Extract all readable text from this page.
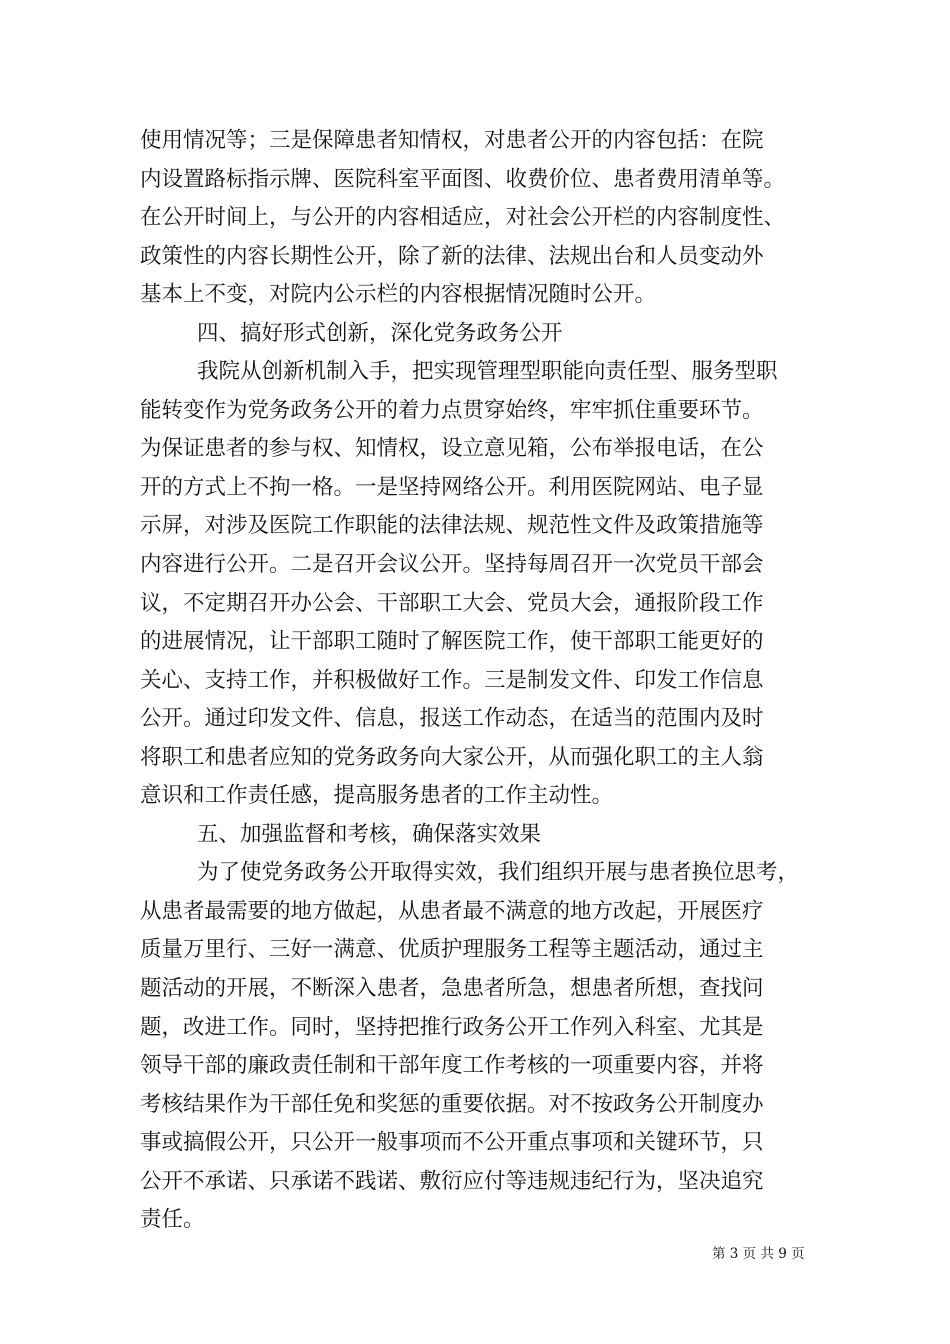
使用情况等；三是保障患者知情权，对患者公开的内容包括：在院
内设置路标指示牌、医院科室平面图、收费价位、患者费用清单等。
在公开时间上，与公开的内容相适应，对社会公开栏的内容制度性、
政策性的内容长期性公开，除了新的法律、法规出台和人员变动外
基本上不变，对院内公示栏的内容根据情况随时公开。
四、搞好形式创新，深化党务政务公开
我院从创新机制入手，把实现管理型职能向责任型、服务型职
能转变作为党务政务公开的着力点贯穿始终，牢牢抓住重要环节。
为保证患者的参与权、知情权，设立意见箱，公布举报电话，在公
开的方式上不拘一格。一是坚持网络公开。利用医院网站、电子显
示屏，对涉及医院工作职能的法律法规、规范性文件及政策措施等
内容进行公开。二是召开会议公开。坚持每周召开一次党员干部会
议，不定期召开办公会、干部职工大会、党员大会，通报阶段工作
的进展情况，让干部职工随时了解医院工作，使干部职工能更好的
关心、支持工作，并积极做好工作。三是制发文件、印发工作信息
公开。通过印发文件、信息，报送工作动态，在适当的范围内及时
将职工和患者应知的党务政务向大家公开，从而强化职工的主人翁
意识和工作责任感，提高服务患者的工作主动性。
五、加强监督和考核，确保落实效果
为了使党务政务公开取得实效，我们组织开展与患者换位思考，
从患者最需要的地方做起，从患者最不满意的地方改起，开展医疗
质量万里行、三好一满意、优质护理服务工程等主题活动，通过主
题活动的开展，不断深入患者，急患者所急，想患者所想，查找问
题，改进工作。同时，坚持把推行政务公开工作列入科室、尤其是
领导干部的廉政责任制和干部年度工作考核的一项重要内容，并将
考核结果作为干部任免和奖惩的重要依据。对不按政务公开制度办
事或搞假公开，只公开一般事项而不公开重点事项和关键环节，只
公开不承诺、只承诺不践诺、敷衍应付等违规违纪行为，坚决追究
责任。
第 3 页 共 9 页
